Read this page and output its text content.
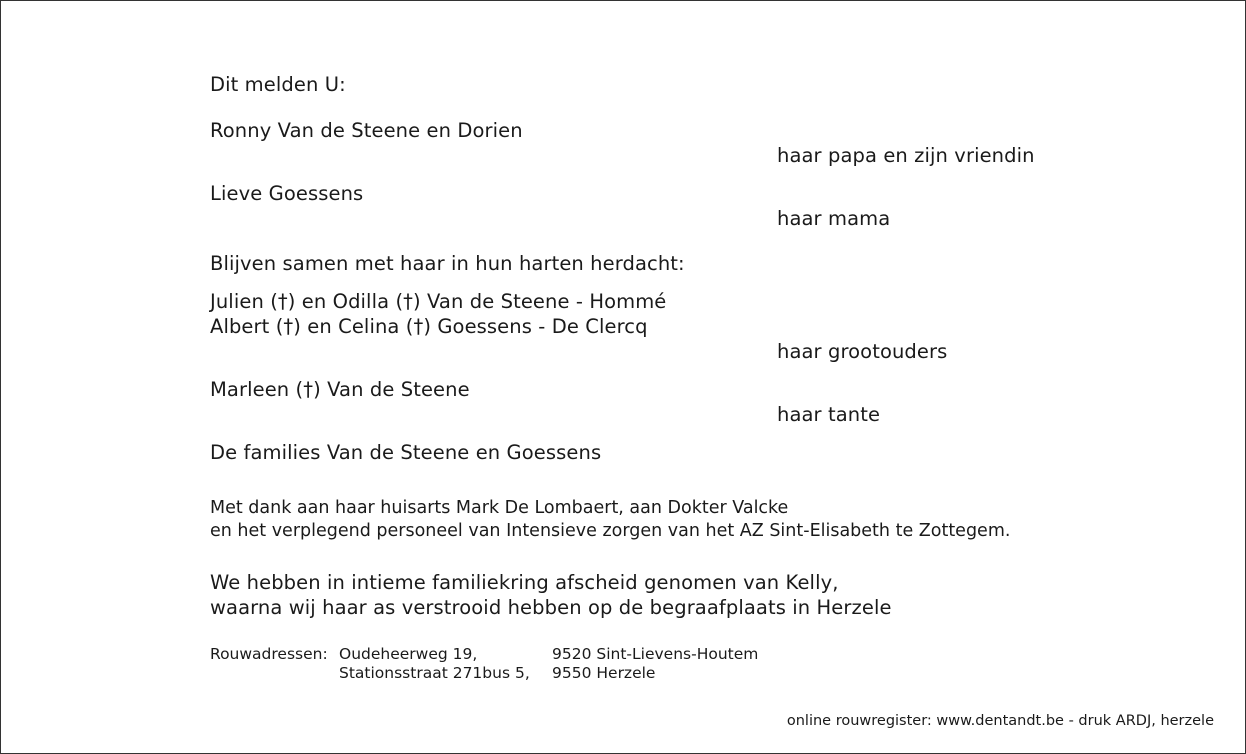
Dit melden U:
Ronny Van de Steene en Dorien
haar papa en zijn vriendin
Lieve Goessens
haar mama
Blijven samen met haar in hun harten herdacht:
Julien (†) en Odilla (†) Van de Steene - Hommé
Albert (†) en Celina (†) Goessens - De Clercq
haar grootouders
Marleen (†) Van de Steene
haar tante
De families Van de Steene en Goessens
Met dank aan haar huisarts Mark De Lombaert, aan Dokter Valcke
en het verplegend personeel van Intensieve zorgen van het AZ Sint-Elisabeth te Zottegem.
We hebben in intieme familiekring afscheid genomen van Kelly,
waarna wij haar as verstrooid hebben op de begraafplaats in Herzele
Rouwadressen: Oudeheerweg 19,	9520 Sint-Lievens-Houtem
Stationsstraat 271bus 5, 9550 Herzele
online rouwregister: www.dentandt.be - druk ARDJ, herzele
